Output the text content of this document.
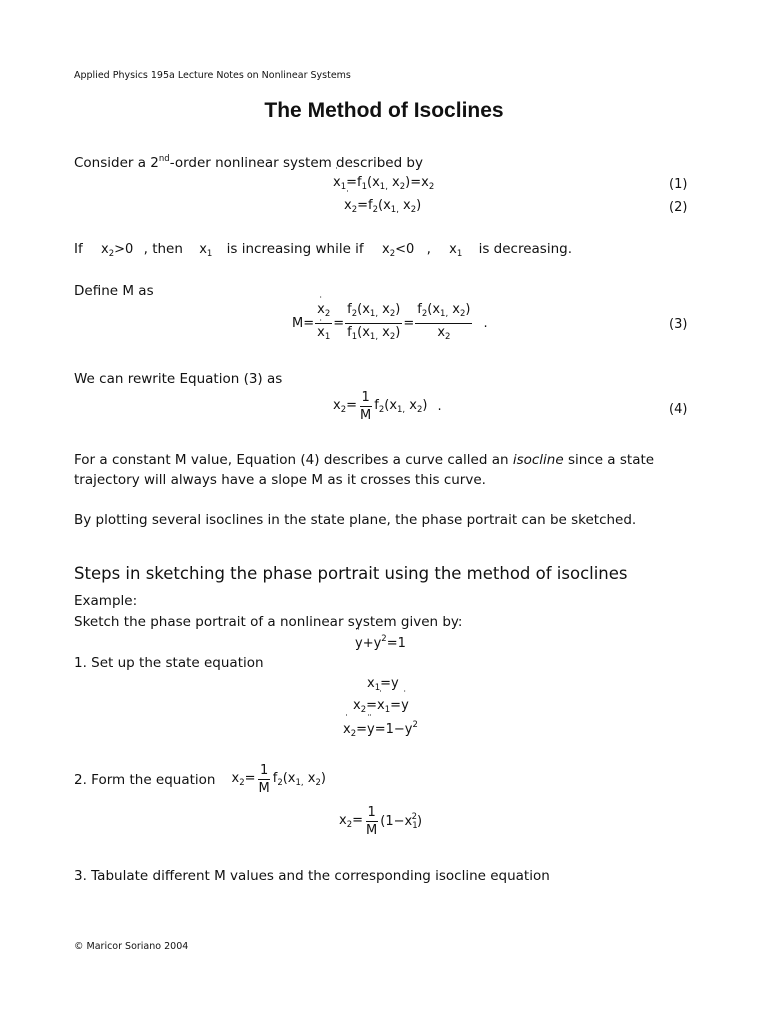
Applied Physics 195a Lecture Notes on Nonlinear Systems
The Method of Isoclines
Consider a 2nd-order nonlinear system described by
x $˙_1=f_1(x_{1,}$ $x_2)=x_2$	(1)
x $˙_2=f_2(x_{1,}$ $x_2$)	(2)
If $x_2>0$ , then $x_1$ is increasing while if $x_2<0$ , $x_1$ is decreasing.
Define M as
$M= \frac{x ˙_2}{x ˙_1} = \frac{f_2(x_{1,} x_2)}{f_1(x_{1,} x_2)} = \frac{f_2(x_{1,} x_2)}{x_2}$ .	(3)
We can rewrite Equation (3) as
$x_2= \frac{1}{M} f_2(x_{1,}$ $x_2$) .	(4)
For a constant M value, Equation (4) describes a curve called an isocline since a state
trajectory will always have a slope M as it crosses this curve.
By plotting several isoclines in the state plane, the phase portrait can be sketched.
Steps in sketching the phase portrait using the method of isoclines
Example:
Sketch the phase portrait of a nonlinear system given by:
y $¨+y^2=1$
1. Set up the state equation
$x_1=y$
$x_2=x$ $˙_1=y$ ˙
x $˙_2=y$ $¨=1-y^2$
2. Form the equation $x_2= \frac{1}{M} f_2(x_{1,}$ $x_2$)
$x_2= \frac{1}{M} (1-x_1^2)$
3. Tabulate different M values and the corresponding isocline equation
© Maricor Soriano 2004
